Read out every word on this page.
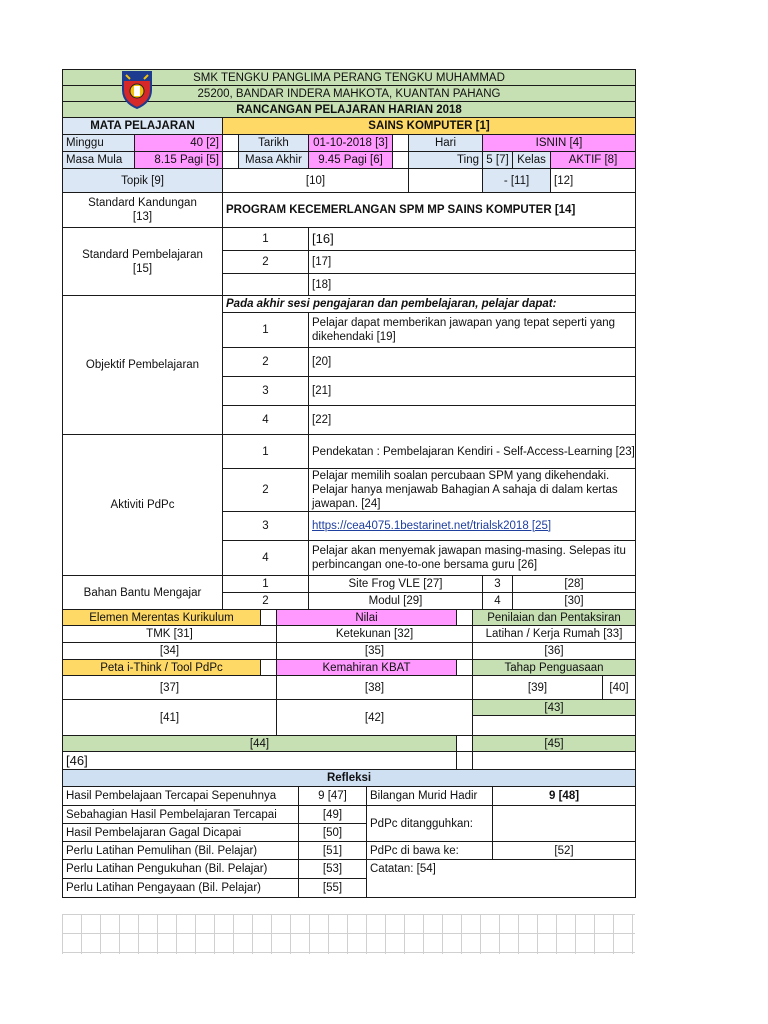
SMK TENGKU PANGLIMA PERANG TENGKU MUHAMMAD									
25200, BANDAR INDERA MAHKOTA, KUANTAN PAHANG									
RANCANGAN PELAJARAN HARIAN 2018									
MATA PELAJARAN		SAINS KOMPUTER [1]							
Minggu	40 [2]		Tarikh	01-10-2018 [3]		Hari	ISNIN [4]		
Masa Mula	8.15 Pagi [5]		Masa Akhir	9.45 Pagi [6]		Ting	5 [7]	Kelas	AKTIF [8]
Topik [9]		[10]					- [11]		[12]

Standard Kandungan
[13]		PROGRAM KECEMERLANGAN SPM MP SAINS KOMPUTER [14]							

Standard Pembelajaran
[15]		1		[16]					
		2		[17]					
				[18]					
Objektif Pembelajaran		Pada akhir sesi pengajaran dan pembelajaran, pelajar dapat:							
		1		Pelajar dapat memberikan jawapan yang tepat seperti yang dikehendaki [19]					
		2		[20]					
		3		[21]					
		4		[22]					
Aktiviti PdPc		1		Pendekatan : Pembelajaran Kendiri - Self-Access-Learning [23]					
		2		Pelajar memilih soalan percubaan SPM yang dikehendaki. Pelajar hanya menjawab Bahagian A sahaja di dalam kertas jawapan. [24]					
		3		https://cea4075.1bestarinet.net/trialsk2018 [25]					
		4		Pelajar akan menyemak jawapan masing-masing. Selepas itu perbincangan one-to-one bersama guru [26]					
Bahan Bantu Mengajar		1		Site Frog VLE [27]			3	[28]	
		2		Modul [29]			4	[30]	
Elemen Merentas Kurikulum		Nilai		Penilaian dan Pentaksiran	
TMK [31]		Ketekunan [32]		Latihan / Kerja Rumah [33]	
[34]		[35]		[36]	
Peta i-Think / Tool PdPc		Kemahiran KBAT		Tahap Penguasaan	
[37]		[38]		[39]	[40]
[41]		[42]		[43]	

[44]				[45]	
[46]					
Refleksi			
Hasil Pembelajaan Tercapai Sepenuhnya	9 [47]	Bilangan Murid Hadir	9 [48]
Sebahagian Hasil Pembelajaran Tercapai	[49]	PdPc ditangguhkan:	
Hasil Pembelajaran Gagal Dicapai	[50]		
Perlu Latihan Pemulihan (Bil. Pelajar)	[51]	PdPc di bawa ke:	[52]
Perlu Latihan Pengukuhan (Bil. Pelajar)	[53]	Catatan: [54]	
Perlu Latihan Pengayaan (Bil. Pelajar)	[55]		
